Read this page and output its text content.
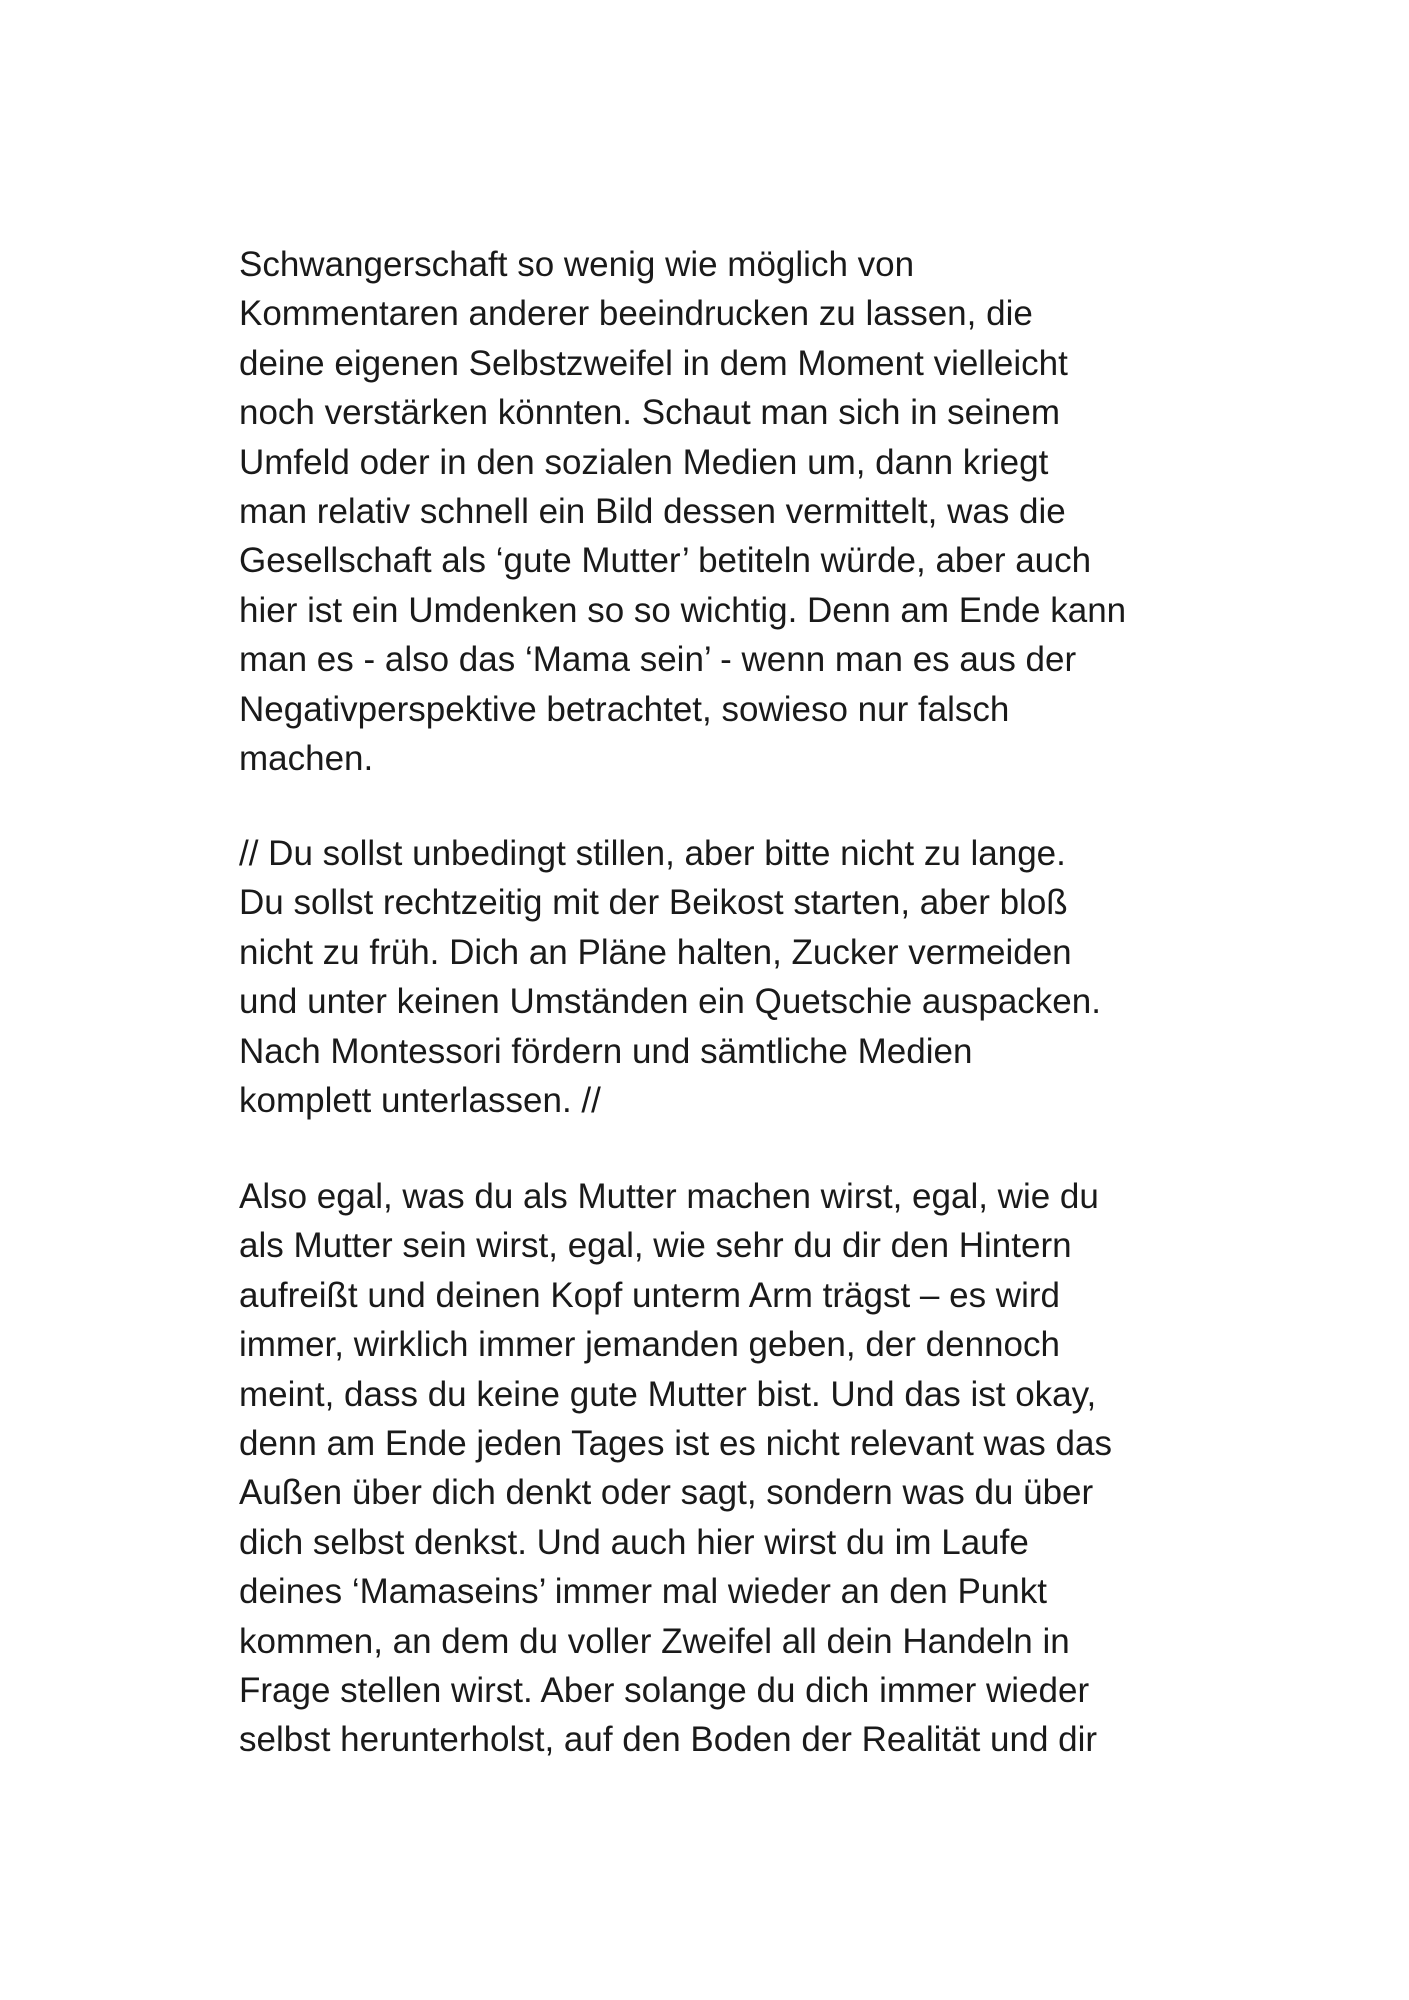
Schwangerschaft so wenig wie möglich von
Kommentaren anderer beeindrucken zu lassen, die
deine eigenen Selbstzweifel in dem Moment vielleicht
noch verstärken könnten. Schaut man sich in seinem
Umfeld oder in den sozialen Medien um, dann kriegt
man relativ schnell ein Bild dessen vermittelt, was die
Gesellschaft als ‘gute Mutter’ betiteln würde, aber auch
hier ist ein Umdenken so so wichtig. Denn am Ende kann
man es - also das ‘Mama sein’ - wenn man es aus der
Negativperspektive betrachtet, sowieso nur falsch
machen.

// Du sollst unbedingt stillen, aber bitte nicht zu lange.
Du sollst rechtzeitig mit der Beikost starten, aber bloß
nicht zu früh. Dich an Pläne halten, Zucker vermeiden
und unter keinen Umständen ein Quetschie auspacken.
Nach Montessori fördern und sämtliche Medien
komplett unterlassen. //

Also egal, was du als Mutter machen wirst, egal, wie du
als Mutter sein wirst, egal, wie sehr du dir den Hintern
aufreißt und deinen Kopf unterm Arm trägst – es wird
immer, wirklich immer jemanden geben, der dennoch
meint, dass du keine gute Mutter bist. Und das ist okay,
denn am Ende jeden Tages ist es nicht relevant was das
Außen über dich denkt oder sagt, sondern was du über
dich selbst denkst. Und auch hier wirst du im Laufe
deines ‘Mamaseins’ immer mal wieder an den Punkt
kommen, an dem du voller Zweifel all dein Handeln in
Frage stellen wirst. Aber solange du dich immer wieder
selbst herunterholst, auf den Boden der Realität und dir
